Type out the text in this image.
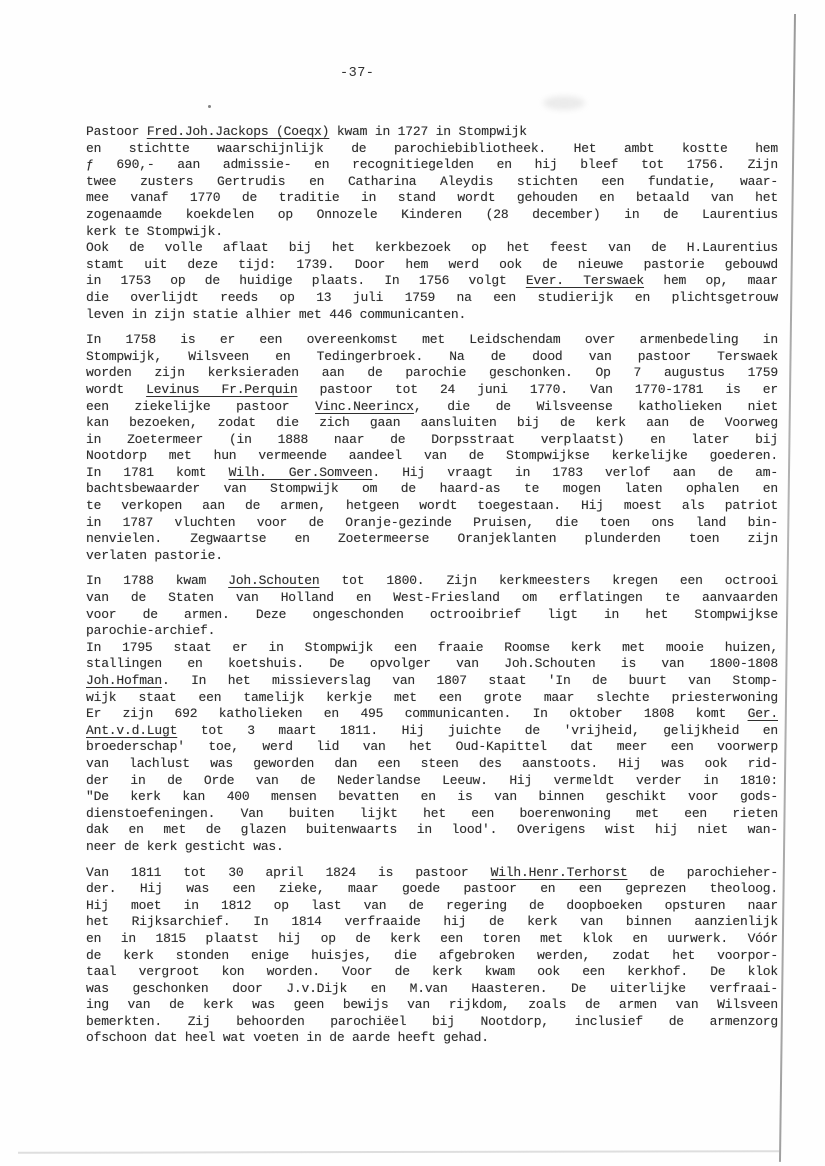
-37-
Pastoor Fred.Joh.Jackops (Coeqx) kwam in 1727 in Stompwijk
en stichtte waarschijnlijk de parochiebibliotheek. Het ambt kostte hem
ƒ 690,- aan admissie- en recognitiegelden en hij bleef tot 1756. Zijn
twee zusters Gertrudis en Catharina Aleydis stichten een fundatie, waar-
mee vanaf 1770 de traditie in stand wordt gehouden en betaald van het
zogenaamde koekdelen op Onnozele Kinderen (28 december) in de Laurentius
kerk te Stompwijk.
Ook de volle aflaat bij het kerkbezoek op het feest van de H.Laurentius
stamt uit deze tijd: 1739. Door hem werd ook de nieuwe pastorie gebouwd
in 1753 op de huidige plaats. In 1756 volgt Ever. Terswaek hem op, maar
die overlijdt reeds op 13 juli 1759 na een studierijk en plichtsgetrouw
leven in zijn statie alhier met 446 communicanten.
In 1758 is er een overeenkomst met Leidschendam over armenbedeling in
Stompwijk, Wilsveen en Tedingerbroek. Na de dood van pastoor Terswaek
worden zijn kerksieraden aan de parochie geschonken. Op 7 augustus 1759
wordt Levinus Fr.Perquin pastoor tot 24 juni 1770. Van 1770-1781 is er
een ziekelijke pastoor Vinc.Neerincx, die de Wilsveense katholieken niet
kan bezoeken, zodat die zich gaan aansluiten bij de kerk aan de Voorweg
in Zoetermeer (in 1888 naar de Dorpsstraat verplaatst) en later bij
Nootdorp met hun vermeende aandeel van de Stompwijkse kerkelijke goederen.
In 1781 komt Wilh. Ger.Somveen. Hij vraagt in 1783 verlof aan de am-
bachtsbewaarder van Stompwijk om de haard-as te mogen laten ophalen en
te verkopen aan de armen, hetgeen wordt toegestaan. Hij moest als patriot
in 1787 vluchten voor de Oranje-gezinde Pruisen, die toen ons land bin-
nenvielen. Zegwaartse en Zoetermeerse Oranjeklanten plunderden toen zijn
verlaten pastorie.
In 1788 kwam Joh.Schouten tot 1800. Zijn kerkmeesters kregen een octrooi
van de Staten van Holland en West-Friesland om erflatingen te aanvaarden
voor de armen. Deze ongeschonden octrooibrief ligt in het Stompwijkse
parochie-archief.
In 1795 staat er in Stompwijk een fraaie Roomse kerk met mooie huizen,
stallingen en koetshuis. De opvolger van Joh.Schouten is van 1800-1808
Joh.Hofman. In het missieverslag van 1807 staat 'In de buurt van Stomp-
wijk staat een tamelijk kerkje met een grote maar slechte priesterwoning
Er zijn 692 katholieken en 495 communicanten. In oktober 1808 komt Ger.
Ant.v.d.Lugt tot 3 maart 1811. Hij juichte de 'vrijheid, gelijkheid en
broederschap' toe, werd lid van het Oud-Kapittel dat meer een voorwerp
van lachlust was geworden dan een steen des aanstoots. Hij was ook rid-
der in de Orde van de Nederlandse Leeuw. Hij vermeldt verder in 1810:
"De kerk kan 400 mensen bevatten en is van binnen geschikt voor gods-
dienstoefeningen. Van buiten lijkt het een boerenwoning met een rieten
dak en met de glazen buitenwaarts in lood'. Overigens wist hij niet wan-
neer de kerk gesticht was.
Van 1811 tot 30 april 1824 is pastoor Wilh.Henr.Terhorst de parochieher-
der. Hij was een zieke, maar goede pastoor en een geprezen theoloog.
Hij moet in 1812 op last van de regering de doopboeken opsturen naar
het Rijksarchief. In 1814 verfraaide hij de kerk van binnen aanzienlijk
en in 1815 plaatst hij op de kerk een toren met klok en uurwerk. Vóór
de kerk stonden enige huisjes, die afgebroken werden, zodat het voorpor-
taal vergroot kon worden. Voor de kerk kwam ook een kerkhof. De klok
was geschonken door J.v.Dijk en M.van Haasteren. De uiterlijke verfraai-
ing van de kerk was geen bewijs van rijkdom, zoals de armen van Wilsveen
bemerkten. Zij behoorden parochiëel bij Nootdorp, inclusief de armenzorg
ofschoon dat heel wat voeten in de aarde heeft gehad.
